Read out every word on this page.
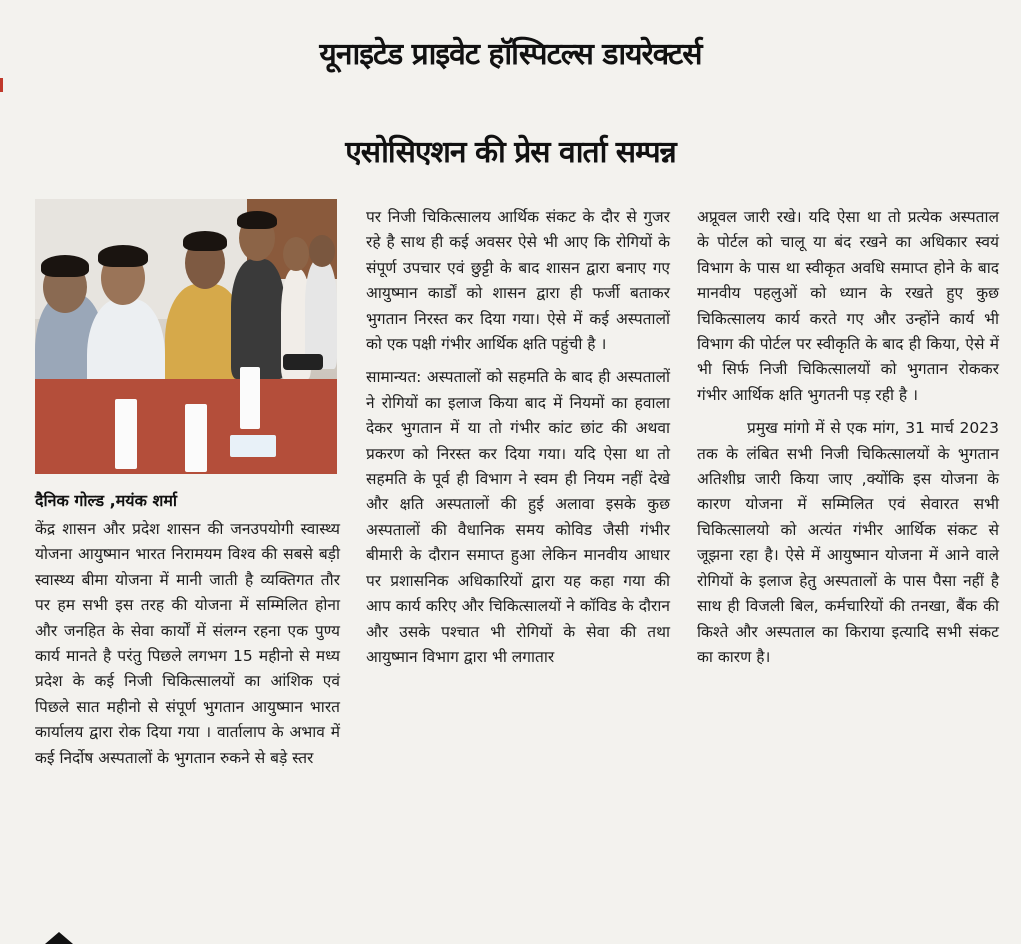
यूनाइटेड प्राइवेट हॉस्पिटल्स डायरेक्टर्स
एसोसिएशन की प्रेस वार्ता सम्पन्न
दैनिक गोल्ड ,मयंक शर्मा

केंद्र शासन और प्रदेश शासन की जनउपयोगी स्वास्थ्य योजना आयुष्मान भारत निरामयम विश्व की सबसे बड़ी स्वास्थ्य बीमा योजना में मानी जाती है व्यक्तिगत तौर पर हम सभी इस तरह की योजना में सम्मिलित होना और जनहित के सेवा कार्यों में संलग्न रहना एक पुण्य कार्य मानते है परंतु पिछले लगभग 15 महीनो से मध्य प्रदेश के कई निजी चिकित्सालयों का आंशिक एवं पिछले सात महीनो से संपूर्ण भुगतान आयुष्मान भारत कार्यालय द्वारा रोक दिया गया । वार्तालाप के अभाव में कई निर्दोष अस्पतालों के भुगतान रुकने से बड़े स्तर

पर निजी चिकित्सालय आर्थिक संकट के दौर से गुजर रहे है साथ ही कई अवसर ऐसे भी आए कि रोगियों के संपूर्ण उपचार एवं छुट्टी के बाद शासन द्वारा बनाए गए आयुष्मान कार्डों को शासन द्वारा ही फर्जी बताकर भुगतान निरस्त कर दिया गया। ऐसे में कई अस्पतालों को एक पक्षी गंभीर आर्थिक क्षति पहुंची है ।

सामान्यत: अस्पतालों को सहमति के बाद ही अस्पतालों ने रोगियों का इलाज किया बाद में नियमों का हवाला देकर भुगतान में या तो गंभीर कांट छांट की अथवा प्रकरण को निरस्त कर दिया गया। यदि ऐसा था तो सहमति के पूर्व ही विभाग ने स्वम ही नियम नहीं देखे और क्षति अस्पतालों की हुई अलावा इसके कुछ अस्पतालों की वैधानिक समय कोविड जैसी गंभीर बीमारी के दौरान समाप्त हुआ लेकिन मानवीय आधार पर प्रशासनिक अधिकारियों द्वारा यह कहा गया की आप कार्य करिए और चिकित्सालयों ने कॉविड के दौरान और उसके पश्चात भी रोगियों के सेवा की तथा आयुष्मान विभाग द्वारा भी लगातार

अप्रूवल जारी रखे। यदि ऐसा था तो प्रत्येक अस्पताल के पोर्टल को चालू या बंद रखने का अधिकार स्वयं विभाग के पास था स्वीकृत अवधि समाप्त होने के बाद मानवीय पहलुओं को ध्यान के रखते हुए कुछ चिकित्सालय कार्य करते गए और उन्होंने कार्य भी विभाग की पोर्टल पर स्वीकृति के बाद ही किया, ऐसे में भी सिर्फ निजी चिकित्सालयों को भुगतान रोककर गंभीर आर्थिक क्षति भुगतनी पड़ रही है ।

प्रमुख मांगो में से एक मांग, 31 मार्च 2023 तक के लंबित सभी निजी चिकित्सालयों के भुगतान अतिशीघ्र जारी किया जाए ,क्योंकि इस योजना के कारण योजना में सम्मिलित एवं सेवारत सभी चिकित्सालयो को अत्यंत गंभीर आर्थिक संकट से जूझना रहा है। ऐसे में आयुष्मान योजना में आने वाले रोगियों के इलाज हेतु अस्पतालों के पास पैसा नहीं है साथ ही विजली बिल, कर्मचारियों की तनखा, बैंक की किश्ते और अस्पताल का किराया इत्यादि सभी संकट का कारण है।
